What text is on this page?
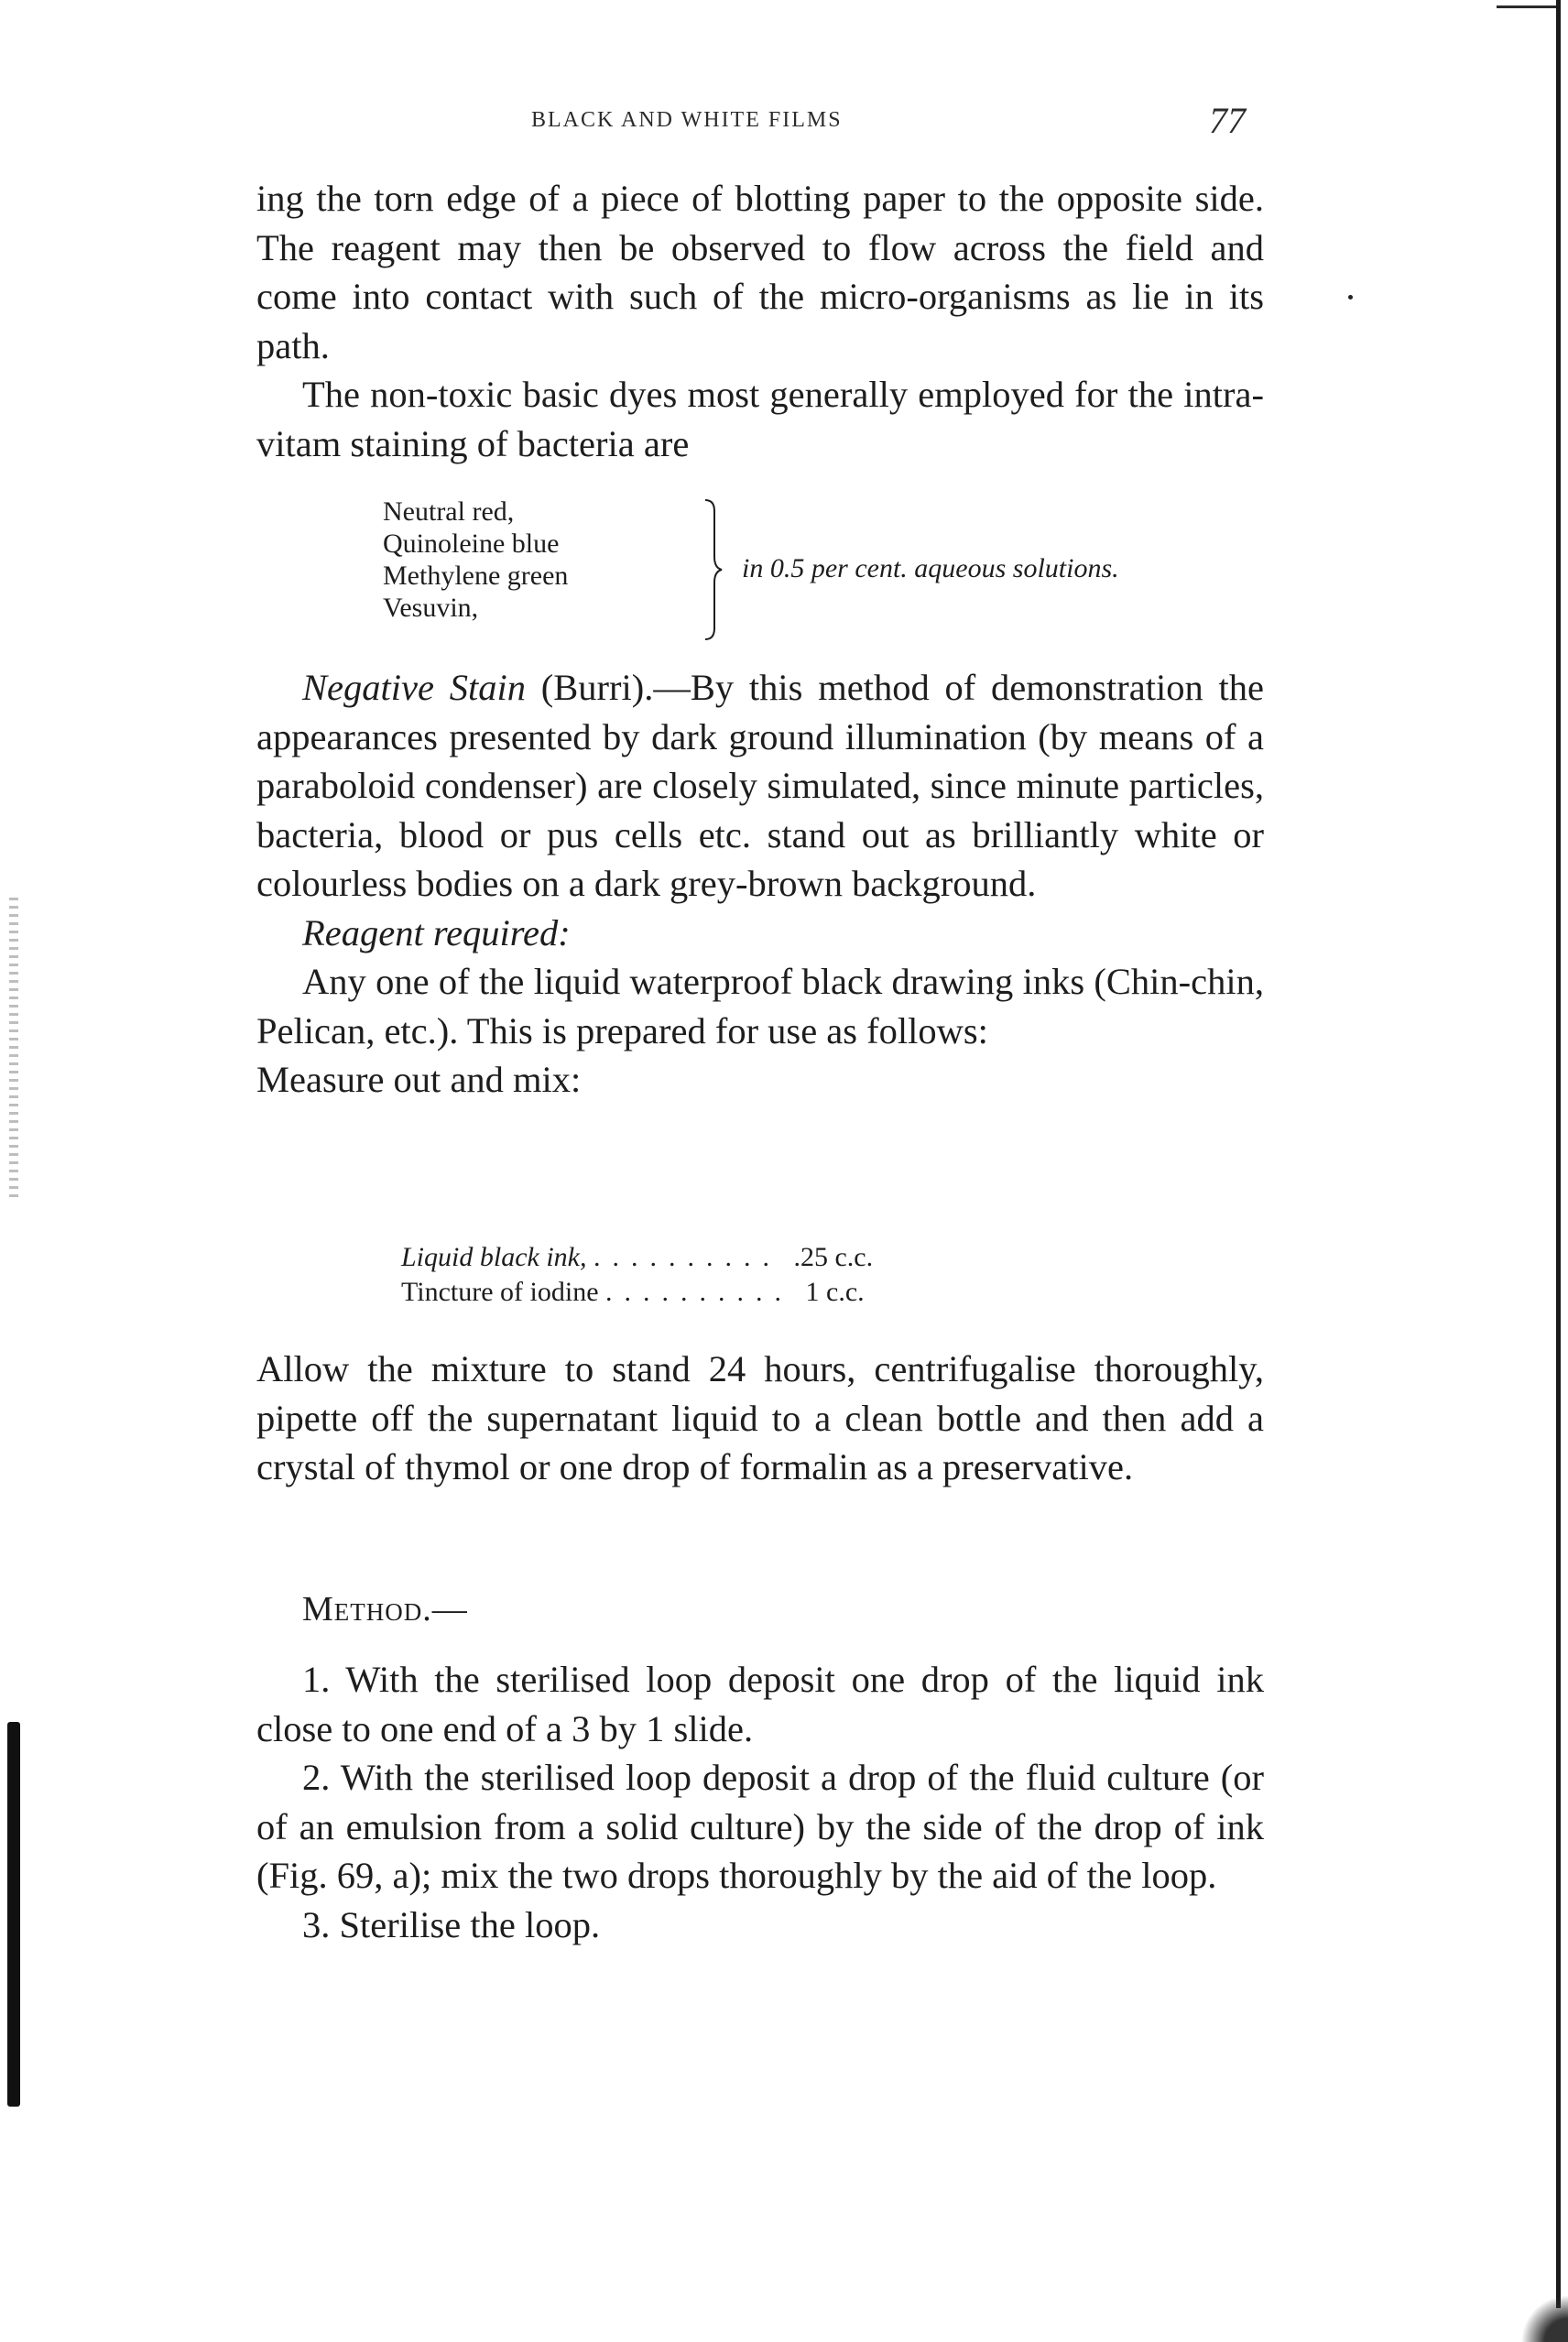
BLACK AND WHITE FILMS	77

ing the torn edge of a piece of blotting paper to the opposite side. The reagent may then be observed to flow across the field and come into contact with such of the micro-organisms as lie in its path.

The non-toxic basic dyes most generally employed for the intra-vitam staining of bacteria are

Neutral red,
Quinoleine blue
Methylene green
Vesuvin,
in 0.5 per cent. aqueous solutions.

Negative Stain (Burri).—By this method of demonstration the appearances presented by dark ground illumination (by means of a paraboloid condenser) are closely simulated, since minute particles, bacteria, blood or pus cells etc. stand out as brilliantly white or colourless bodies on a dark grey-brown background.

Reagent required:

Any one of the liquid waterproof black drawing inks (Chin-chin, Pelican, etc.). This is prepared for use as follows:

Measure out and mix:

Liquid black ink, .......... .25 c.c.
Tincture of iodine .......... 1 c.c.

Allow the mixture to stand 24 hours, centrifugalise thoroughly, pipette off the supernatant liquid to a clean bottle and then add a crystal of thymol or one drop of formalin as a preservative.

Method.—

1. With the sterilised loop deposit one drop of the liquid ink close to one end of a 3 by 1 slide.

2. With the sterilised loop deposit a drop of the fluid culture (or of an emulsion from a solid culture) by the side of the drop of ink (Fig. 69, a); mix the two drops thoroughly by the aid of the loop.

3. Sterilise the loop.
